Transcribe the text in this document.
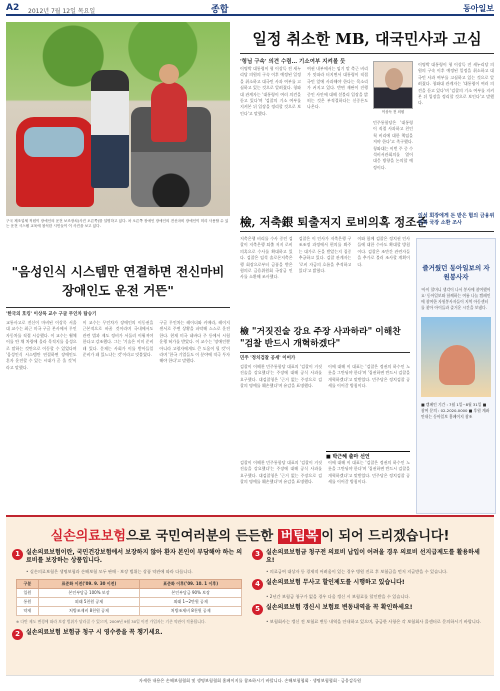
A2 2012년 7월 12일 목요일	종합	동아일보
구국 제조업체 직원이 장애인의 운전 보조장치(사진 오른쪽)를 설명하고 있다. 차 오른쪽 장애인 장애인의 전신마비 장애인이 미리 사용할 수 있는 운전 시스템 교육에 참석한 시민들이 이 사진을 보고 있다.
"음성인식 시스템만 연결하면 전신마비 장애인도 운전 거뜬"
'한국의 호킹' 이상묵 교수 구글 무인차 탑승기
교통사고로 전신이 마비된 이상묵 서울대 교수는 최근 미국 구글 본사에서 무인 자동차를 직접 시승했다. 이 교수는 휠체어를 탄 채 차량에 올라 목적지를 음성으로 말하는 것만으로 이동할 수 있었다며 '음성인식 시스템만 연결하면 장애인도 혼자 운전할 수 있는 시대가 곧 올 것'이라고 말했다.
이 교수는 무인차가 장애인의 이동권을 근본적으로 바꿀 것이라며 국내에서도 관련 법과 제도 정비가 서둘러 이뤄져야 한다고 강조했다. 그는 '기술은 이미 준비돼 있다. 문제는 사회가 이를 받아들일 준비가 돼 있느냐는 것'이라고 덧붙였다.
구글 무인차는 레이더와 카메라, 레이저 센서로 주변 상황을 파악해 스스로 운전한다. 현재 미국 네바다 주 등에서 시험 운행 허가를 받았다. 이 교수는 '장애인뿐 아니라 고령자에게도 큰 도움이 될 것'이라며 '한국 기업들도 이 분야에 적극 투자해야 한다'고 말했다.
일정 취소한 MB, 대국민사과 고심
'형님 구속' 의견 수렴… 기소여부 지켜볼 듯
이명박 대통령이 형 이상득 전 새누리당 의원의 구속 이후 예정된 일정을 취소하고 대국민 사과 여부를 고심하고 있는 것으로 알려졌다. 청와대 관계자는 '대통령이 여러 의견을 듣고 있다'며 '검찰의 기소 여부를 지켜본 뒤 입장을 정리할 것으로 보인다'고 말했다.
여권 내부에서는 임기 말 측근 비리가 잇따라 터지면서 대통령이 직접 국민 앞에 사과해야 한다는 목소리가 커지고 있다. 반면 재판이 진행 중인 사안에 대해 섣불리 입장을 밝히는 것은 부적절하다는 신중론도 나온다.
이상득 전 의원
민주통합당은 '대통령이 직접 사과하고 친인척 비리에 대한 책임을 져야 한다'고 촉구했다. 청와대는 이번 주 중 수석비서관회의를 열어 대응 방향을 논의할 예정이다.
이명박 대통령이 형 이상득 전 새누리당 의원의 구속 이후 예정된 일정을 취소하고 대국민 사과 여부를 고심하고 있는 것으로 알려졌다. 청와대 관계자는 '대통령이 여러 의견을 듣고 있다'며 '검찰의 기소 여부를 지켜본 뒤 입장을 정리할 것으로 보인다'고 말했다.
檢, 저축銀 퇴출저지 로비의혹 정조준
임석 회장에게 돈 받은 혐의 금융위원회 국장 소환 조사
저축은행 비리를 수사 중인 검찰이 저축은행 퇴출 저지 로비 의혹으로 수사를 확대하고 있다. 검찰은 임석 솔로몬저축은행 회장으로부터 금품을 받은 혐의로 금융위원회 국장급 인사를 소환해 조사했다.
검찰은 이 인사가 저축은행 구조조정 과정에서 편의를 봐주는 대가로 돈을 받았는지 집중 추궁하고 있다. 검찰 관계자는 '로비 자금의 흐름을 추적하고 있다'고 밝혔다.
이와 함께 검찰은 정치권 인사들에 대한 수사도 확대할 방침이다. 검찰은 조만간 관련자들을 추가로 불러 조사할 계획이다.
檢 "거짓진술 강요 주장 사과하라" 이해찬 "검찰 반드시 개혁하겠다"
민주 '정치검찰 공세' 이어가
검찰이 이해찬 민주통합당 대표의 '검찰이 거짓 진술을 강요했다'는 주장에 대해 공식 사과를 요구했다. 대검찰청은 '근거 없는 주장으로 검찰의 명예를 훼손했다'며 유감을 표명했다.
이에 대해 이 대표는 '검찰은 정권의 하수인 노릇을 그만둬야 한다'며 '집권하면 반드시 검찰을 개혁하겠다'고 맞받았다. 민주당은 정치검찰 공세를 이어갈 방침이다.
■ 박근혜 출마 선언
검찰이 이해찬 민주통합당 대표의 '검찰이 거짓 진술을 강요했다'는 주장에 대해 공식 사과를 요구했다. 대검찰청은 '근거 없는 주장으로 검찰의 명예를 훼손했다'며 유감을 표명했다.
이에 대해 이 대표는 '검찰은 정권의 하수인 노릇을 그만둬야 한다'며 '집권하면 반드시 검찰을 개혁하겠다'고 맞받았다. 민주당은 정치검찰 공세를 이어갈 방침이다.
즐거웠던 동아일보의 자원봉사자
'아이 할머니 생각이 나서 봉사에 참여했어요' 동아일보와 함께하는 여름 나눔 캠페인에 참여한 자원봉사자들이 지역 아동센터를 찾아 아이들과 즐거운 시간을 보냈다.
■ 캠페인 기간 : 7월 1일~8월 31일 ■ 참여 문의 : 02-2020-0000 ■ 후원 계좌 안내는 동아일보 홈페이지 참조
실손의료보험으로 국민여러분의 든든한 버팀목 이 되어 드리겠습니다!
1	실손의료보험이란, 국민건강보험에서 보장하지 않아 환자 본인이 부담해야 하는 의료비를 보장하는 상품입니다.
• 실손의료보험은 생명보험과 손해보험 모두 판매 · 보장 범위는 상품 약관에 따라 다릅니다.
구분	표준화 이전(’09. 9. 30 이전)	표준화 이후(’09. 10. 1 이후)
입원	본인부담금 100% 보장	본인부담금 90% 보장
통원	외래 5천원 공제	외래 1~2만원 공제
약제	처방조제비 8천원 공제	처방조제비 8천원 공제
※ 다만 제도 변경에 따라 보장 범위가 달라질 수 있으며, 2009년 9월 30일 이전 가입자는 기존 약관이 적용됩니다.
2	실손의료보험 보험금 청구 시 영수증을 꼭 챙기세요.
3	실손의료보험금 청구전 의료비 납입이 어려울 경우 의료비 선지급제도를 활용하세요!
• 의료급여 대상자 등 경제적 어려움이 있는 경우 병원 진료 후 보험금을 먼저 지급받을 수 있습니다.
4	실손의료보험 무사고 할인제도를 시행하고 있습니다!
• 2년간 보험금 청구가 없을 경우 다음 갱신 시 보험료를 할인받을 수 있습니다.
5	실손의료보험 갱신시 보험료 변동내역을 꼭 확인하세요!
• 보험회사는 갱신 전 보험료 변동 내역을 안내하고 있으며, 궁금한 사항은 각 보험회사 콜센터로 문의하시기 바랍니다.
자세한 내용은 손해보험협회 및 생명보험협회 홈페이지를 참조하시기 바랍니다. 손해보험협회 · 생명보험협회 · 금융감독원
